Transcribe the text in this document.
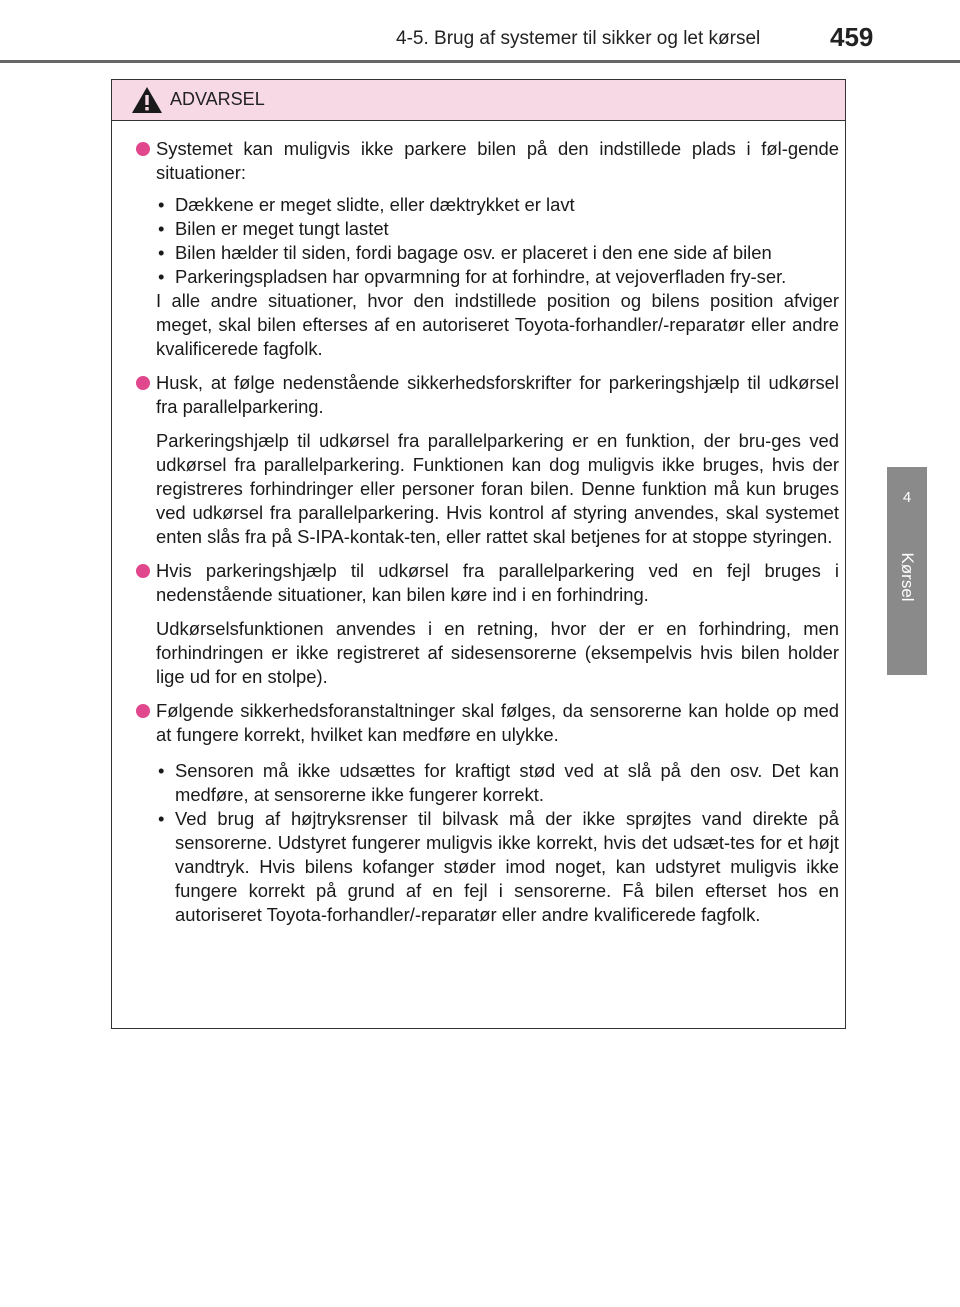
4-5. Brug af systemer til sikker og let kørsel	459
4
Kørsel
ADVARSEL

Systemet kan muligvis ikke parkere bilen på den indstillede plads i føl-gende situationer:

• Dækkene er meget slidte, eller dæktrykket er lavt
• Bilen er meget tungt lastet
• Bilen hælder til siden, fordi bagage osv. er placeret i den ene side af bilen
• Parkeringspladsen har opvarmning for at forhindre, at vejoverfladen fry-ser.

I alle andre situationer, hvor den indstillede position og bilens position afviger meget, skal bilen efterses af en autoriseret Toyota-forhandler/-reparatør eller andre kvalificerede fagfolk.

Husk, at følge nedenstående sikkerhedsforskrifter for parkeringshjælp til udkørsel fra parallelparkering.

Parkeringshjælp til udkørsel fra parallelparkering er en funktion, der bru-ges ved udkørsel fra parallelparkering. Funktionen kan dog muligvis ikke bruges, hvis der registreres forhindringer eller personer foran bilen. Denne funktion må kun bruges ved udkørsel fra parallelparkering. Hvis kontrol af styring anvendes, skal systemet enten slås fra på S-IPA-kontak-ten, eller rattet skal betjenes for at stoppe styringen.

Hvis parkeringshjælp til udkørsel fra parallelparkering ved en fejl bruges i nedenstående situationer, kan bilen køre ind i en forhindring.

Udkørselsfunktionen anvendes i en retning, hvor der er en forhindring, men forhindringen er ikke registreret af sidesensorerne (eksempelvis hvis bilen holder lige ud for en stolpe).

Følgende sikkerhedsforanstaltninger skal følges, da sensorerne kan holde op med at fungere korrekt, hvilket kan medføre en ulykke.

• Sensoren må ikke udsættes for kraftigt stød ved at slå på den osv. Det kan medføre, at sensorerne ikke fungerer korrekt.
• Ved brug af højtryksrenser til bilvask må der ikke sprøjtes vand direkte på sensorerne. Udstyret fungerer muligvis ikke korrekt, hvis det udsæt-tes for et højt vandtryk. Hvis bilens kofanger støder imod noget, kan udstyret muligvis ikke fungere korrekt på grund af en fejl i sensorerne. Få bilen efterset hos en autoriseret Toyota-forhandler/-reparatør eller andre kvalificerede fagfolk.
